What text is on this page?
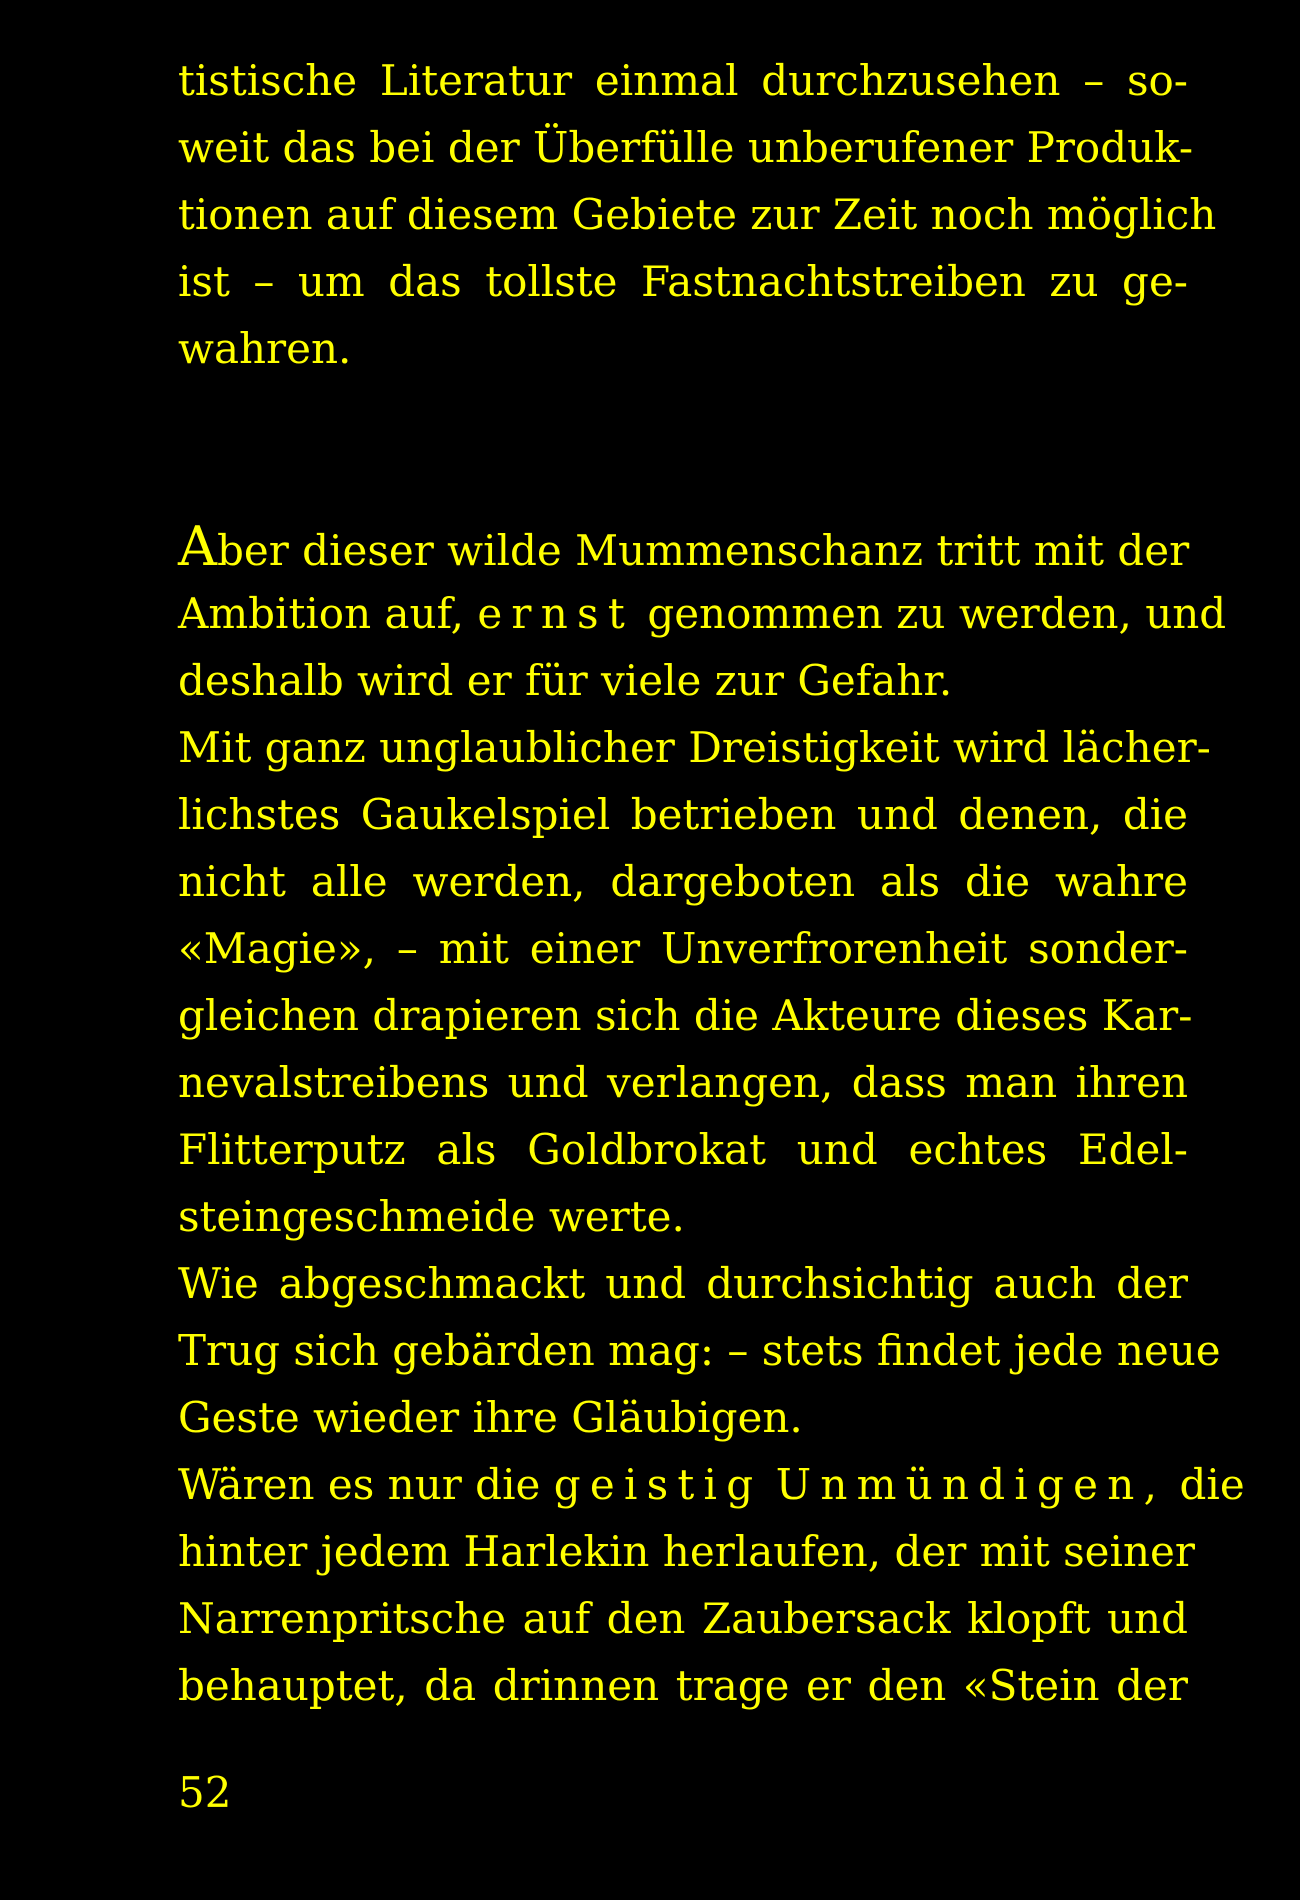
tistische Literatur einmal durchzusehen – so-
weit das bei der Überfülle unberufener Produk-
tionen auf diesem Gebiete zur Zeit noch möglich
ist – um das tollste Fastnachtstreiben zu ge-
wahren.
Aber dieser wilde Mummenschanz tritt mit der
Ambition auf, ernst genommen zu werden, und
deshalb wird er für viele zur Gefahr.
Mit ganz unglaublicher Dreistigkeit wird lächer-
lichstes Gaukelspiel betrieben und denen, die
nicht alle werden, dargeboten als die wahre
«Magie», – mit einer Unverfrorenheit sonder-
gleichen drapieren sich die Akteure dieses Kar-
nevalstreibens und verlangen, dass man ihren
Flitterputz als Goldbrokat und echtes Edel-
steingeschmeide werte.
Wie abgeschmackt und durchsichtig auch der
Trug sich gebärden mag: – stets findet jede neue
Geste wieder ihre Gläubigen.
Wären es nur die geistig Unmündigen, die
hinter jedem Harlekin herlaufen, der mit seiner
Narrenpritsche auf den Zaubersack klopft und
behauptet, da drinnen trage er den «Stein der
52
